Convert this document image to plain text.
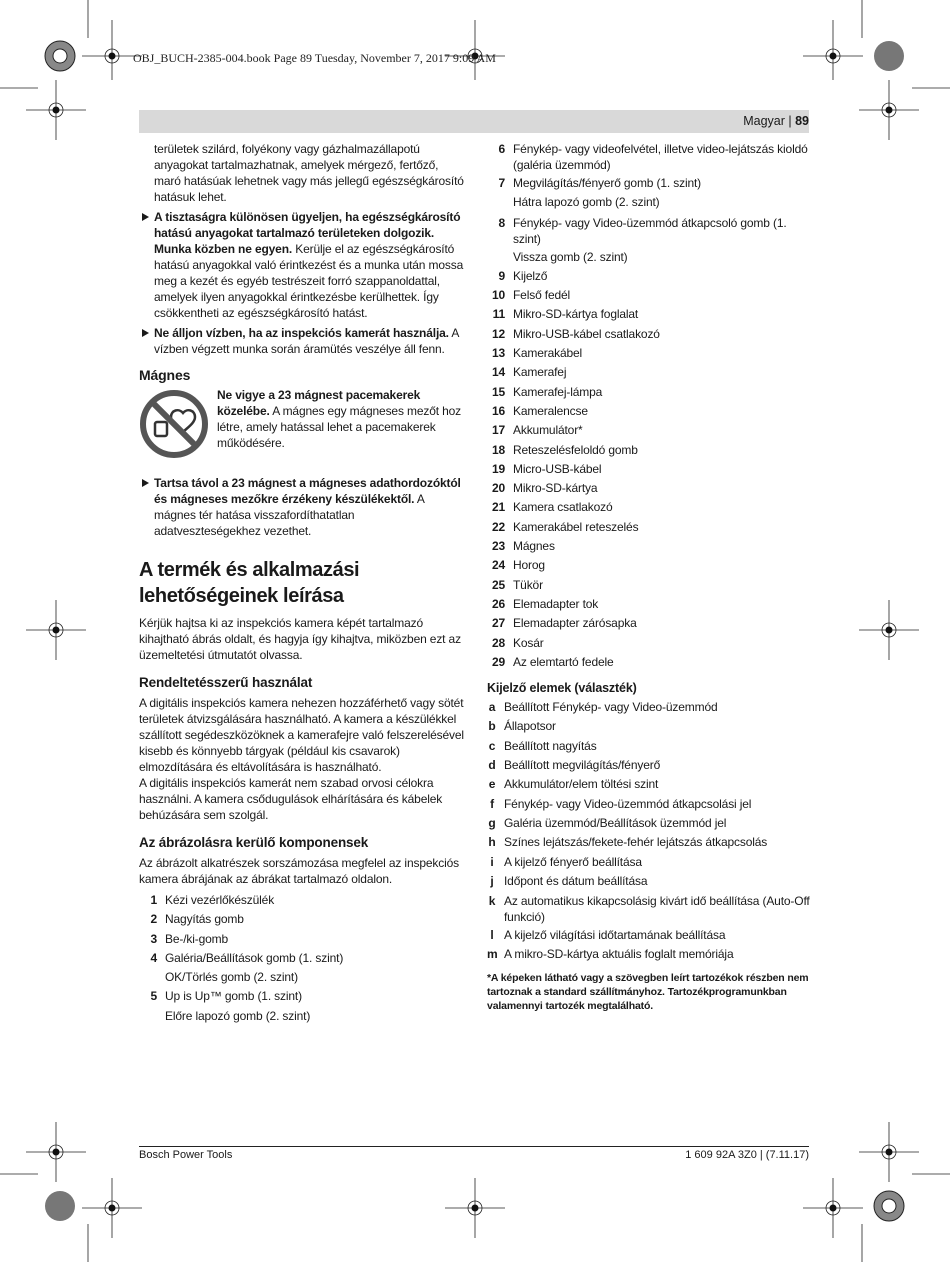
OBJ_BUCH-2385-004.book Page 89 Tuesday, November 7, 2017 9:09 AM
Magyar | 89

területek szilárd, folyékony vagy gázhalmazállapotú anyagokat tartalmazhatnak, amelyek mérgező, fertőző, maró hatásúak lehetnek vagy más jellegű egészségkárosító hatásuk lehet.

A tisztaságra különösen ügyeljen, ha egészségkárosító hatású anyagokat tartalmazó területeken dolgozik. Munka közben ne egyen. Kerülje el az egészségkárosító hatású anyagokkal való érintkezést és a munka után mossa meg a kezét és egyéb testrészeit forró szappanoldattal, amelyek ilyen anyagokkal érintkezésbe kerülhettek. Így csökkentheti az egészségkárosító hatást.

Ne álljon vízben, ha az inspekciós kamerát használja. A vízben végzett munka során áramütés veszélye áll fenn.

Mágnes

Ne vigye a 23 mágnest pacemakerek közelébe. A mágnes egy mágneses mezőt hoz létre, amely hatással lehet a pacemakerek működésére.

Tartsa távol a 23 mágnest a mágneses adathordozóktól és mágneses mezőkre érzékeny készülékektől. A mágnes tér hatása visszafordíthatatlan adatveszteségekhez vezethet.

A termék és alkalmazási lehetőségeinek leírása

Kérjük hajtsa ki az inspekciós kamera képét tartalmazó kihajtható ábrás oldalt, és hagyja így kihajtva, miközben ezt az üzemeltetési útmutatót olvassa.

Rendeltetésszerű használat

A digitális inspekciós kamera nehezen hozzáférhető vagy sötét területek átvizsgálására használható. A kamera a készülékkel szállított segédeszközöknek a kamerafejre való felszerelésével kisebb és könnyebb tárgyak (például kis csavarok) elmozdítására és eltávolítására is használható.

A digitális inspekciós kamerát nem szabad orvosi célokra használni. A kamera csődugulások elhárítására és kábelek behúzására sem szolgál.

Az ábrázolásra kerülő komponensek

Az ábrázolt alkatrészek sorszámozása megfelel az inspekciós kamera ábrájának az ábrákat tartalmazó oldalon.

1 Kézi vezérlőkészülék
2 Nagyítás gomb
3 Be-/ki-gomb
4 Galéria/Beállítások gomb (1. szint)
OK/Törlés gomb (2. szint)
5 Up is Up™ gomb (1. szint)
Előre lapozó gomb (2. szint)
6 Fénykép- vagy videofelvétel, illetve video-lejátszás kioldó (galéria üzemmód)
7 Megvilágítás/fényerő gomb (1. szint)
Hátra lapozó gomb (2. szint)
8 Fénykép- vagy Video-üzemmód átkapcsoló gomb (1. szint)
Vissza gomb (2. szint)
9 Kijelző
10 Felső fedél
11 Mikro-SD-kártya foglalat
12 Mikro-USB-kábel csatlakozó
13 Kamerakábel
14 Kamerafej
15 Kamerafej-lámpa
16 Kameralencse
17 Akkumulátor*
18 Reteszelésfeloldó gomb
19 Micro-USB-kábel
20 Mikro-SD-kártya
21 Kamera csatlakozó
22 Kamerakábel reteszelés
23 Mágnes
24 Horog
25 Tükör
26 Elemadapter tok
27 Elemadapter zárósapka
28 Kosár
29 Az elemtartó fedele
Kijelző elemek (választék)
a Beállított Fénykép- vagy Video-üzemmód
b Állapotsor
c Beállított nagyítás
d Beállított megvilágítás/fényerő
e Akkumulátor/elem töltési szint
f Fénykép- vagy Video-üzemmód átkapcsolási jel
g Galéria üzemmód/Beállítások üzemmód jel
h Színes lejátszás/fekete-fehér lejátszás átkapcsolás
i A kijelző fényerő beállítása
j Időpont és dátum beállítása
k Az automatikus kikapcsolásig kivárt idő beállítása (Auto-Off funkció)
l A kijelző világítási időtartamának beállítása
m A mikro-SD-kártya aktuális foglalt memóriája

*A képeken látható vagy a szövegben leírt tartozékok részben nem tartoznak a standard szállítmányhoz. Tartozékprogramunkban valamennyi tartozék megtalálható.

Bosch Power Tools	1 609 92A 3Z0 | (7.11.17)
